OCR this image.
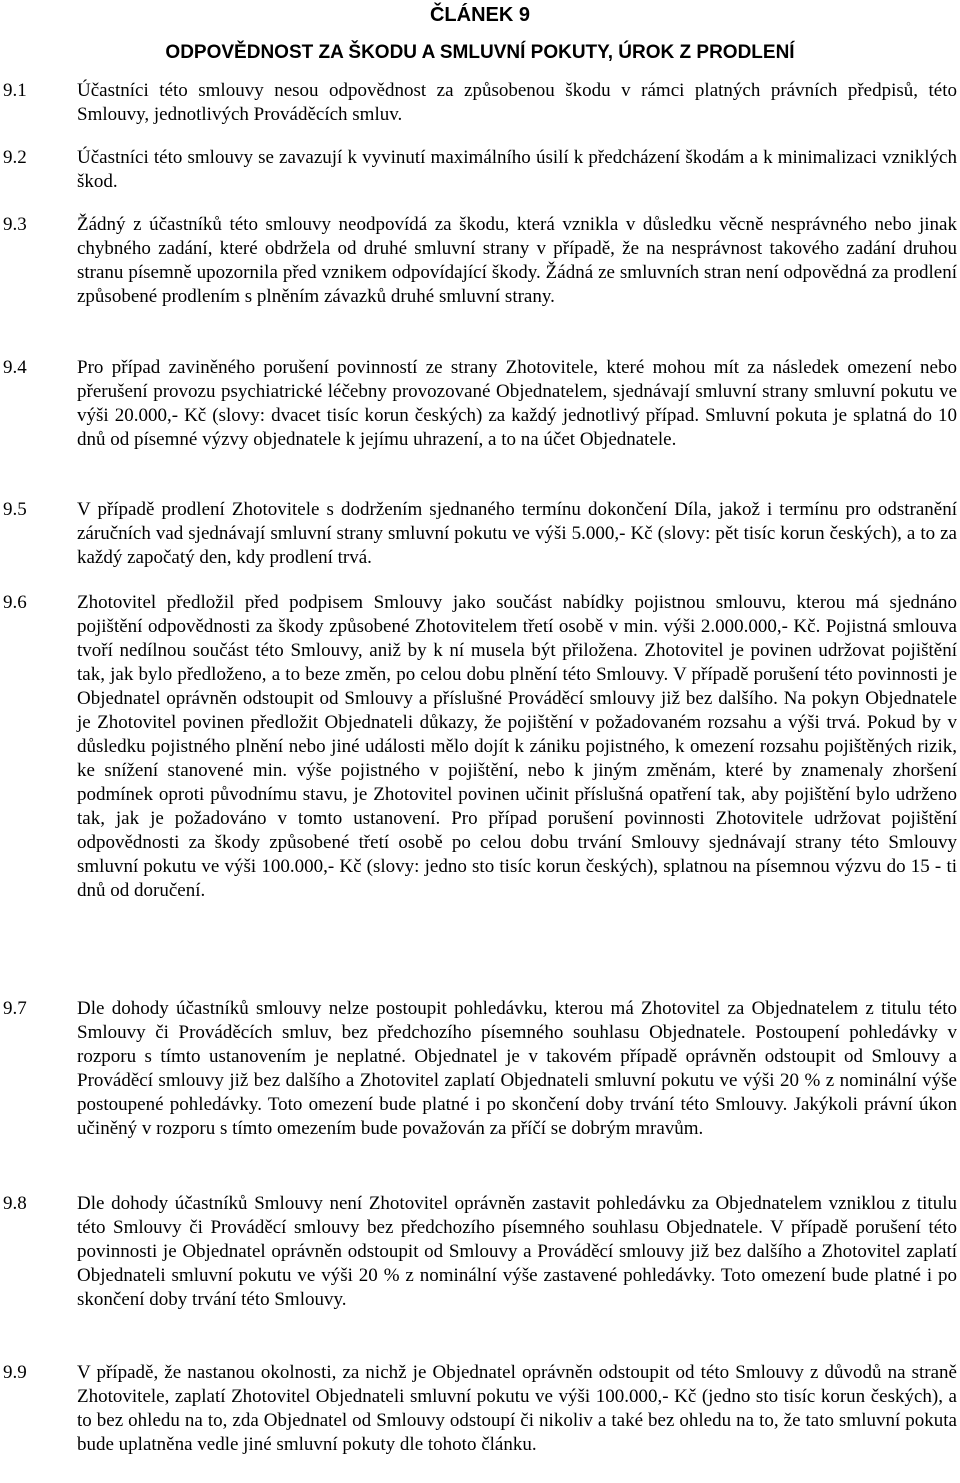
ČLÁNEK 9
ODPOVĚDNOST ZA ŠKODU A SMLUVNÍ POKUTY, ÚROK Z PRODLENÍ
9.1	Účastníci této smlouvy nesou odpovědnost za způsobenou škodu v rámci platných právních předpisů, této Smlouvy, jednotlivých Prováděcích smluv.

9.2	Účastníci této smlouvy se zavazují k vyvinutí maximálního úsilí k předcházení škodám a k minimalizaci vzniklých škod.

9.3	Žádný z účastníků této smlouvy neodpovídá za škodu, která vznikla v důsledku věcně nesprávného nebo jinak chybného zadání, které obdržela od druhé smluvní strany v případě, že na nesprávnost takového zadání druhou stranu písemně upozornila před vznikem odpovídající škody. Žádná ze smluvních stran není odpovědná za prodlení způsobené prodlením s plněním závazků druhé smluvní strany.

9.4	Pro případ zaviněného porušení povinností ze strany Zhotovitele, které mohou mít za následek omezení nebo přerušení provozu psychiatrické léčebny provozované Objednatelem, sjednávají smluvní strany smluvní pokutu ve výši 20.000,- Kč (slovy: dvacet tisíc korun českých) za každý jednotlivý případ. Smluvní pokuta je splatná do 10 dnů od písemné výzvy objednatele k jejímu uhrazení, a to na účet Objednatele.

9.5	V případě prodlení Zhotovitele s dodržením sjednaného termínu dokončení Díla, jakož i termínu pro odstranění záručních vad sjednávají smluvní strany smluvní pokutu ve výši 5.000,- Kč (slovy: pět tisíc korun českých), a to za každý započatý den, kdy prodlení trvá.

9.6	Zhotovitel předložil před podpisem Smlouvy jako součást nabídky pojistnou smlouvu, kterou má sjednáno pojištění odpovědnosti za škody způsobené Zhotovitelem třetí osobě v min. výši 2.000.000,- Kč. Pojistná smlouva tvoří nedílnou součást této Smlouvy, aniž by k ní musela být přiložena. Zhotovitel je povinen udržovat pojištění tak, jak bylo předloženo, a to beze změn, po celou dobu plnění této Smlouvy. V případě porušení této povinnosti je Objednatel oprávněn odstoupit od Smlouvy a příslušné Prováděcí smlouvy již bez dalšího. Na pokyn Objednatele je Zhotovitel povinen předložit Objednateli důkazy, že pojištění v požadovaném rozsahu a výši trvá. Pokud by v důsledku pojistného plnění nebo jiné události mělo dojít k zániku pojistného, k omezení rozsahu pojištěných rizik, ke snížení stanovené min. výše pojistného v pojištění, nebo k jiným změnám, které by znamenaly zhoršení podmínek oproti původnímu stavu, je Zhotovitel povinen učinit příslušná opatření tak, aby pojištění bylo udrženo tak, jak je požadováno v tomto ustanovení. Pro případ porušení povinnosti Zhotovitele udržovat pojištění odpovědnosti za škody způsobené třetí osobě po celou dobu trvání Smlouvy sjednávají strany této Smlouvy smluvní pokutu ve výši 100.000,- Kč (slovy: jedno sto tisíc korun českých), splatnou na písemnou výzvu do 15 - ti dnů od doručení.

9.7	Dle dohody účastníků smlouvy nelze postoupit pohledávku, kterou má Zhotovitel za Objednatelem z titulu této Smlouvy či Prováděcích smluv, bez předchozího písemného souhlasu Objednatele. Postoupení pohledávky v rozporu s tímto ustanovením je neplatné. Objednatel je v takovém případě oprávněn odstoupit od Smlouvy a Prováděcí smlouvy již bez dalšího a Zhotovitel zaplatí Objednateli smluvní pokutu ve výši 20 % z nominální výše postoupené pohledávky. Toto omezení bude platné i po skončení doby trvání této Smlouvy. Jakýkoli právní úkon učiněný v rozporu s tímto omezením bude považován za příčí se dobrým mravům.

9.8	Dle dohody účastníků Smlouvy není Zhotovitel oprávněn zastavit pohledávku za Objednatelem vzniklou z titulu této Smlouvy či Prováděcí smlouvy bez předchozího písemného souhlasu Objednatele. V případě porušení této povinnosti je Objednatel oprávněn odstoupit od Smlouvy a Prováděcí smlouvy již bez dalšího a Zhotovitel zaplatí Objednateli smluvní pokutu ve výši 20 % z nominální výše zastavené pohledávky. Toto omezení bude platné i po skončení doby trvání této Smlouvy.

9.9	V případě, že nastanou okolnosti, za nichž je Objednatel oprávněn odstoupit od této Smlouvy z důvodů na straně Zhotovitele, zaplatí Zhotovitel Objednateli smluvní pokutu ve výši 100.000,- Kč (jedno sto tisíc korun českých), a to bez ohledu na to, zda Objednatel od Smlouvy odstoupí či nikoliv a také bez ohledu na to, že tato smluvní pokuta bude uplatněna vedle jiné smluvní pokuty dle tohoto článku.
